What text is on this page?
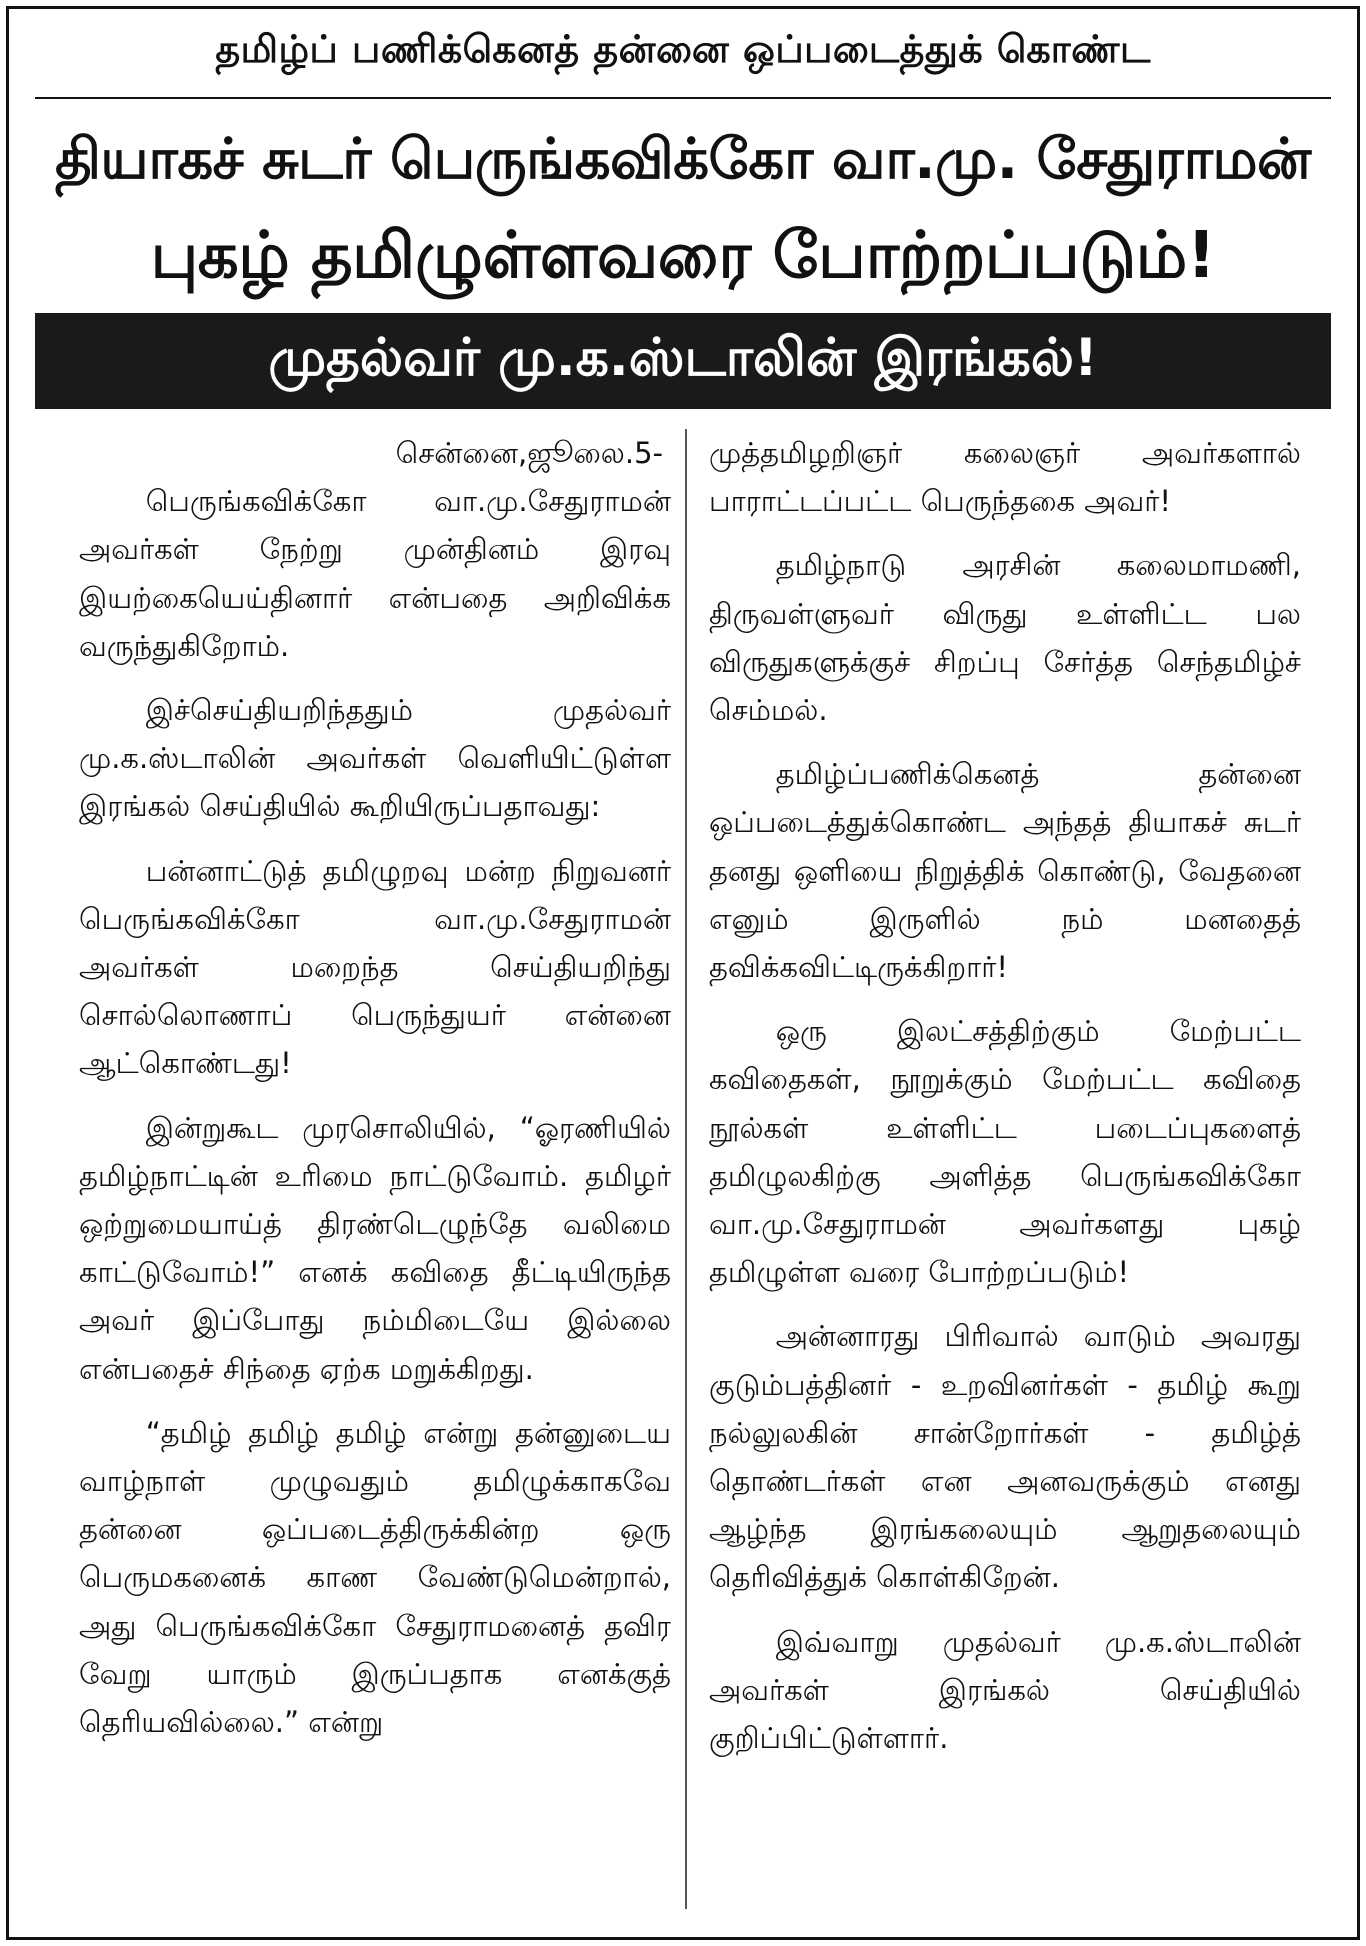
தமிழ்ப் பணிக்கெனத் தன்னை ஒப்படைத்துக் கொண்ட
தியாகச் சுடர் பெருங்கவிக்கோ வா.மு. சேதுராமன்
புகழ் தமிழுள்ளவரை போற்றப்படும்!
முதல்வர் மு.க.ஸ்டாலின் இரங்கல்!

சென்னை,ஜூலை.5-

பெருங்கவிக்கோ வா.மு.சேதுராமன் அவர்கள் நேற்று முன்தினம் இரவு இயற்கையெய்தினார் என்பதை அறிவிக்க வருந்துகிறோம்.

இச்செய்தியறிந்ததும் முதல்வர் மு.க.ஸ்டாலின் அவர்கள் வெளியிட்டுள்ள இரங்கல் செய்தியில் கூறியிருப்பதாவது:

பன்னாட்டுத் தமிழுறவு மன்ற நிறுவனர் பெருங்கவிக்கோ வா.மு.சேதுராமன் அவர்கள் மறைந்த செய்தியறிந்து சொல்லொணாப் பெருந்துயர் என்னை ஆட்கொண்டது!

இன்றுகூட முரசொலியில், “ஓரணியில் தமிழ்நாட்டின் உரிமை நாட்டுவோம். தமிழர் ஒற்றுமையாய்த் திரண்டெழுந்தே வலிமை காட்டுவோம்!” எனக் கவிதை தீட்டியிருந்த அவர் இப்போது நம்மிடையே இல்லை என்பதைச் சிந்தை ஏற்க மறுக்கிறது.

“தமிழ் தமிழ் தமிழ் என்று தன்னுடைய வாழ்நாள் முழுவதும் தமிழுக்காகவே தன்னை ஒப்படைத்திருக்கின்ற ஒரு பெருமகனைக் காண வேண்டுமென்றால், அது பெருங்கவிக்கோ சேதுராமனைத் தவிர வேறு யாரும் இருப்பதாக எனக்குத் தெரியவில்லை.” என்று

முத்தமிழறிஞர் கலைஞர் அவர்களால் பாராட்டப்பட்ட பெருந்தகை அவர்!

தமிழ்நாடு அரசின் கலைமாமணி, திருவள்ளுவர் விருது உள்ளிட்ட பல விருதுகளுக்குச் சிறப்பு சேர்த்த செந்தமிழ்ச் செம்மல்.

தமிழ்ப்பணிக்கெனத் தன்னை ஒப்படைத்துக்கொண்ட அந்தத் தியாகச் சுடர் தனது ஒளியை நிறுத்திக் கொண்டு, வேதனை எனும் இருளில் நம் மனதைத் தவிக்கவிட்டிருக்கிறார்!

ஒரு இலட்சத்திற்கும் மேற்பட்ட கவிதைகள், நூறுக்கும் மேற்பட்ட கவிதை நூல்கள் உள்ளிட்ட படைப்புகளைத் தமிழுலகிற்கு அளித்த பெருங்கவிக்கோ வா.மு.சேதுராமன் அவர்களது புகழ் தமிழுள்ள வரை போற்றப்படும்!

அன்னாரது பிரிவால் வாடும் அவரது குடும்பத்தினர் - உறவினர்கள் - தமிழ் கூறு நல்லுலகின் சான்றோர்கள் - தமிழ்த் தொண்டர்கள் என அனவருக்கும் எனது ஆழ்ந்த இரங்கலையும் ஆறுதலையும் தெரிவித்துக் கொள்கிறேன்.

இவ்வாறு முதல்வர் மு.க.ஸ்டாலின் அவர்கள் இரங்கல் செய்தியில் குறிப்பிட்டுள்ளார்.
